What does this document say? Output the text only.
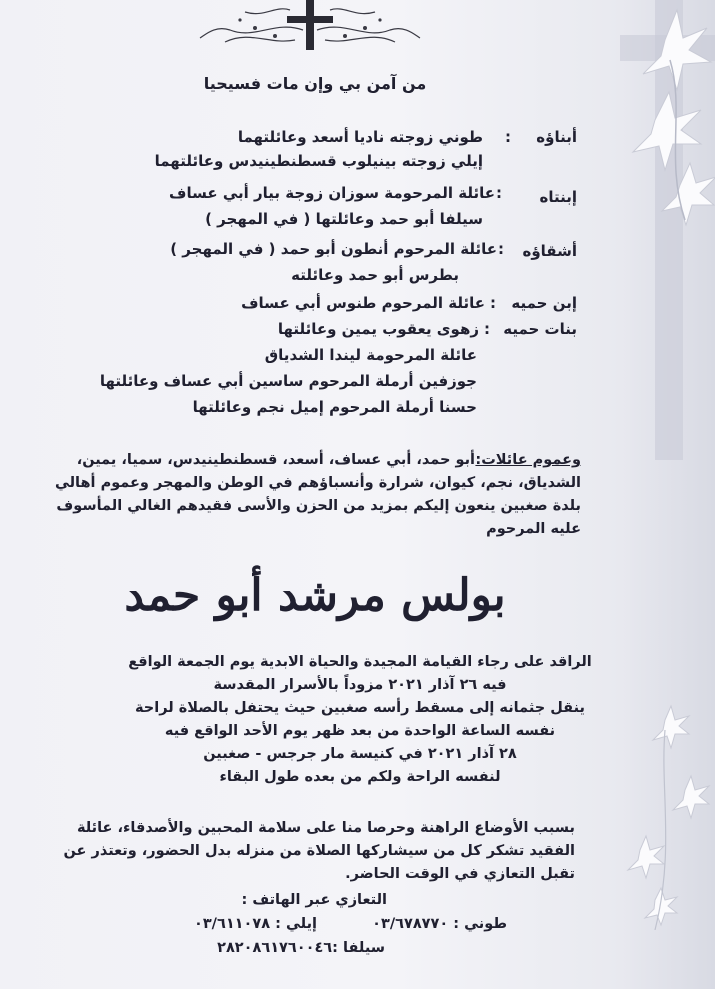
من آمن بي وإن مات فسيحيا
أبناؤه
:
طوني زوجته ناديا أسعد وعائلتهما
إيلي زوجته بينيلوب قسطنطينيدس وعائلتهما
إبنتاه
عائلة المرحومة سوزان زوجة بيار أبي عساف :
سيلفا أبو حمد وعائلتها ( في المهجر )
أشقاؤه
عائلة المرحوم أنطون أبو حمد ( في المهجر ) :
بطرس أبو حمد وعائلته
إبن حميه
:
عائلة المرحوم طنوس أبي عساف
بنات حميه
:
زهوى يعقوب يمين وعائلتها
عائلة المرحومة ليندا الشدياق
جوزفين أرملة المرحوم ساسين أبي عساف وعائلتها
حسنا أرملة المرحوم إميل نجم وعائلتها
وعموم عائلات:
أبو حمد، أبي عساف، أسعد، قسطنطينيدس، سميا، يمين،
الشدياق، نجم، كيوان، شرارة وأنسباؤهم في الوطن والمهجر وعموم أهالي
بلدة صغبين ينعون إليكم بمزيد من الحزن والأسى فقيدهم الغالي المأسوف
عليه المرحوم
بولس مرشد أبو حمد
الراقد على رجاء القيامة المجيدة والحياة الابدية يوم الجمعة الواقع
فيه ٢٦ آذار ٢٠٢١ مزوداً بالأسرار المقدسة
ينقل جثمانه إلى مسقط رأسه صغبين حيث يحتفل بالصلاة لراحة
نفسه الساعة الواحدة من بعد ظهر يوم الأحد الواقع فيه
٢٨ آذار ٢٠٢١ في كنيسة مار جرجس - صغبين
لنفسه الراحة ولكم من بعده طول البقاء
بسبب الأوضاع الراهنة وحرصا منا على سلامة المحبين والأصدقاء، عائلة
الفقيد تشكر كل من سيشاركها الصلاة من منزله بدل الحضور، وتعتذر عن
تقبل التعازي في الوقت الحاضر.
التعازي عبر الهاتف :
طوني : ٠٣/٦٧٨٧٧٠
إيلي : ٠٣/٦١١٠٧٨
سيلفا :٢٨٢٠٨٦١٧٦٠٠٤٦
